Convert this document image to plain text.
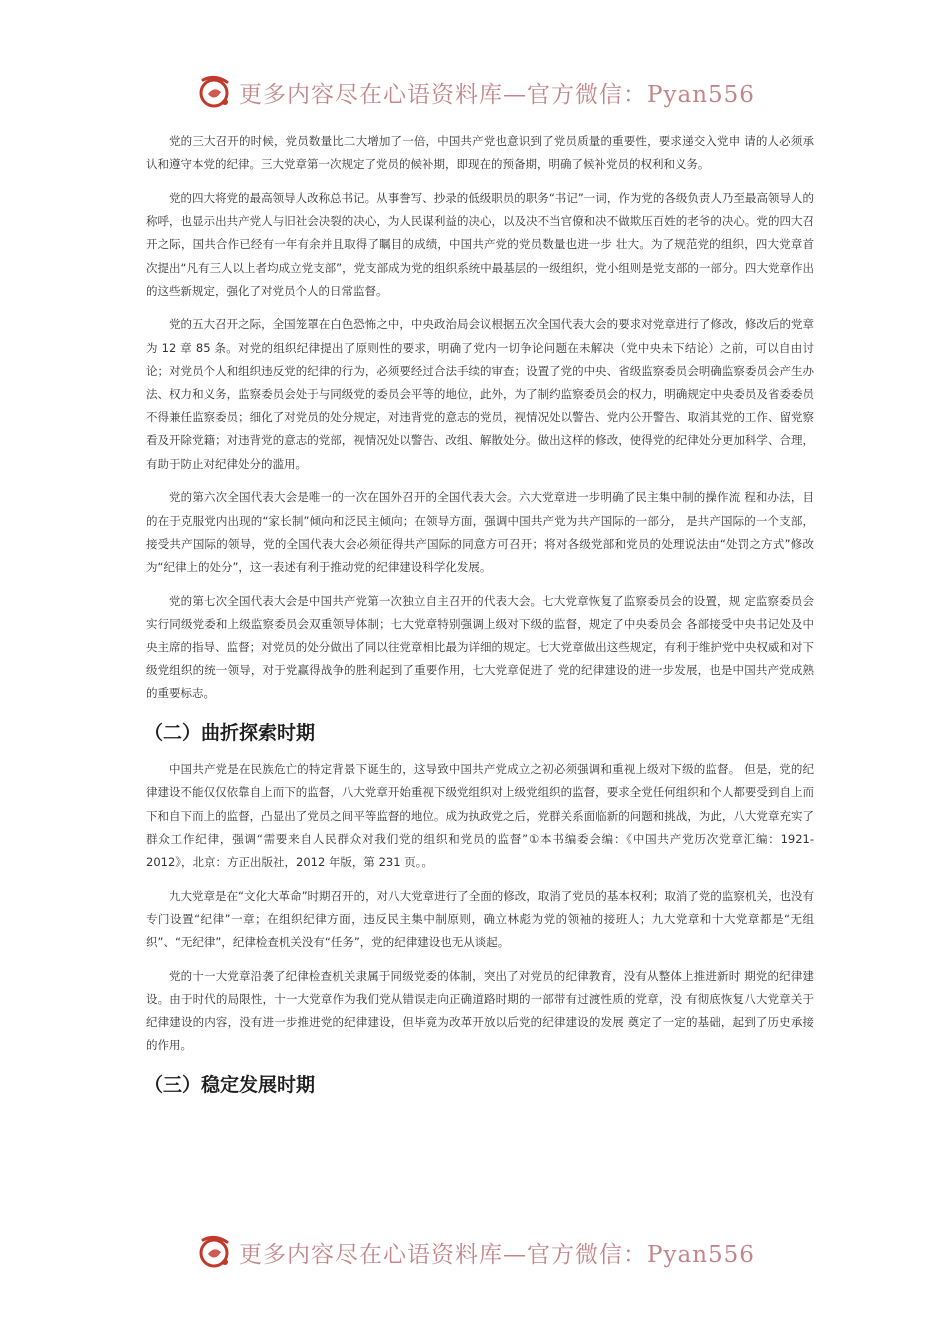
更多内容尽在心语资料库—官方微信：Pyan556

党的三大召开的时候，党员数量比二大增加了一倍，中国共产党也意识到了党员质量的重要性，要求递交入党申 请的人必须承认和遵守本党的纪律。三大党章第一次规定了党员的候补期，即现在的预备期，明确了候补党员的权利和义务。

党的四大将党的最高领导人改称总书记。从事誊写、抄录的低级职员的职务“书记”一词，作为党的各级负责人乃至最高领导人的称呼，也显示出共产党人与旧社会决裂的决心，为人民谋利益的决心，以及决不当官僚和决不做欺压百姓的老爷的决心。党的四大召开之际，国共合作已经有一年有余并且取得了瞩目的成绩，中国共产党的党员数量也进一步 壮大。为了规范党的组织，四大党章首次提出“凡有三人以上者均成立党支部”，党支部成为党的组织系统中最基层的一级组织，党小组则是党支部的一部分。四大党章作出的这些新规定，强化了对党员个人的日常监督。

党的五大召开之际，全国笼罩在白色恐怖之中，中央政治局会议根据五次全国代表大会的要求对党章进行了修改，修改后的党章为 12 章 85 条。对党的组织纪律提出了原则性的要求，明确了党内一切争论问题在未解决（党中央未下结论）之前，可以自由讨论；对党员个人和组织违反党的纪律的行为，必须要经过合法手续的审查；设置了党的中央、省级监察委员会明确监察委员会产生办法、权力和义务，监察委员会处于与同级党的委员会平等的地位，此外，为了制约监察委员会的权力，明确规定中央委员及省委委员不得兼任监察委员；细化了对党员的处分规定，对违背党的意志的党员，视情况处以警告、党内公开警告、取消其党的工作、留党察看及开除党籍；对违背党的意志的党部，视情况处以警告、改组、解散处分。做出这样的修改，使得党的纪律处分更加科学、合理，有助于防止对纪律处分的滥用。

党的第六次全国代表大会是唯一的一次在国外召开的全国代表大会。六大党章进一步明确了民主集中制的操作流 程和办法，目的在于克服党内出现的“家长制”倾向和泛民主倾向；在领导方面，强调中国共产党为共产国际的一部分， 是共产国际的一个支部，接受共产国际的领导，党的全国代表大会必须征得共产国际的同意方可召开；将对各级党部和党员的处理说法由“处罚之方式”修改为“纪律上的处分”，这一表述有利于推动党的纪律建设科学化发展。

党的第七次全国代表大会是中国共产党第一次独立自主召开的代表大会。七大党章恢复了监察委员会的设置，规 定监察委员会实行同级党委和上级监察委员会双重领导体制；七大党章特别强调上级对下级的监督，规定了中央委员会 各部接受中央书记处及中央主席的指导、监督；对党员的处分做出了同以往党章相比最为详细的规定。七大党章做出这些规定，有利于维护党中央权威和对下级党组织的统一领导，对于党赢得战争的胜利起到了重要作用，七大党章促进了 党的纪律建设的进一步发展，也是中国共产党成熟的重要标志。

（二）曲折探索时期

中国共产党是在民族危亡的特定背景下诞生的，这导致中国共产党成立之初必须强调和重视上级对下级的监督。 但是，党的纪律建设不能仅仅依靠自上而下的监督，八大党章开始重视下级党组织对上级党组织的监督，要求全党任何组织和个人都要受到自上而下和自下而上的监督，凸显出了党员之间平等监督的地位。成为执政党之后，党群关系面临新的问题和挑战，为此，八大党章充实了群众工作纪律，强调“需要来自人民群众对我们党的组织和党员的监督”①本书编委会编：《中国共产党历次党章汇编：1921-2012》，北京：方正出版社，2012 年版，第 231 页。。

九大党章是在“文化大革命”时期召开的，对八大党章进行了全面的修改，取消了党员的基本权利；取消了党的监察机关，也没有专门设置“纪律”一章；在组织纪律方面，违反民主集中制原则，确立林彪为党的领袖的接班人；九大党章和十大党章都是“无组织”、“无纪律”，纪律检查机关没有“任务”，党的纪律建设也无从谈起。

党的十一大党章沿袭了纪律检查机关隶属于同级党委的体制，突出了对党员的纪律教育，没有从整体上推进新时 期党的纪律建设。由于时代的局限性，十一大党章作为我们党从错误走向正确道路时期的一部带有过渡性质的党章，没 有彻底恢复八大党章关于纪律建设的内容，没有进一步推进党的纪律建设，但毕竟为改革开放以后党的纪律建设的发展 奠定了一定的基础，起到了历史承接的作用。

（三）稳定发展时期
更多内容尽在心语资料库—官方微信：Pyan556
